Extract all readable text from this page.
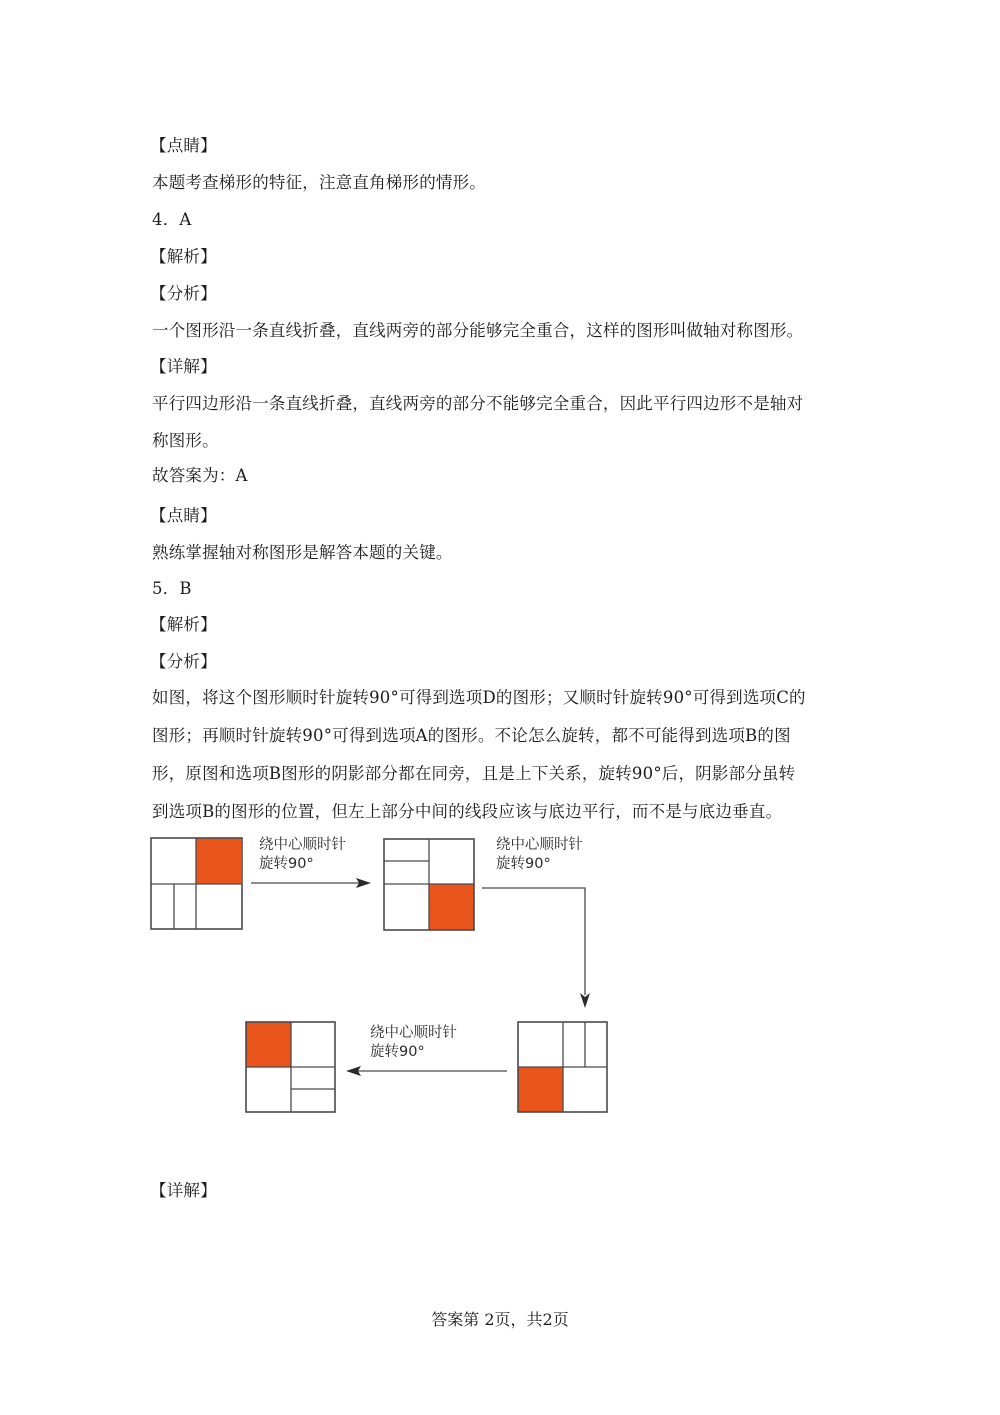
【点睛】
本题考查梯形的特征，注意直角梯形的情形。
4．A
【解析】
【分析】
一个图形沿一条直线折叠，直线两旁的部分能够完全重合，这样的图形叫做轴对称图形。
【详解】
平行四边形沿一条直线折叠，直线两旁的部分不能够完全重合，因此平行四边形不是轴对
称图形。
故答案为：A
【点睛】
熟练掌握轴对称图形是解答本题的关键。
5．B
【解析】
【分析】
如图，将这个图形顺时针旋转90°可得到选项D的图形；又顺时针旋转90°可得到选项C的
图形；再顺时针旋转90°可得到选项A的图形。不论怎么旋转，都不可能得到选项B的图
形，原图和选项B图形的阴影部分都在同旁，且是上下关系，旋转90°后，阴影部分虽转
到选项B的图形的位置，但左上部分中间的线段应该与底边平行，而不是与底边垂直。
【详解】
绕中心顺时针
旋转90°
绕中心顺时针
旋转90°
绕中心顺时针
旋转90°
答案第 2页，共2页
